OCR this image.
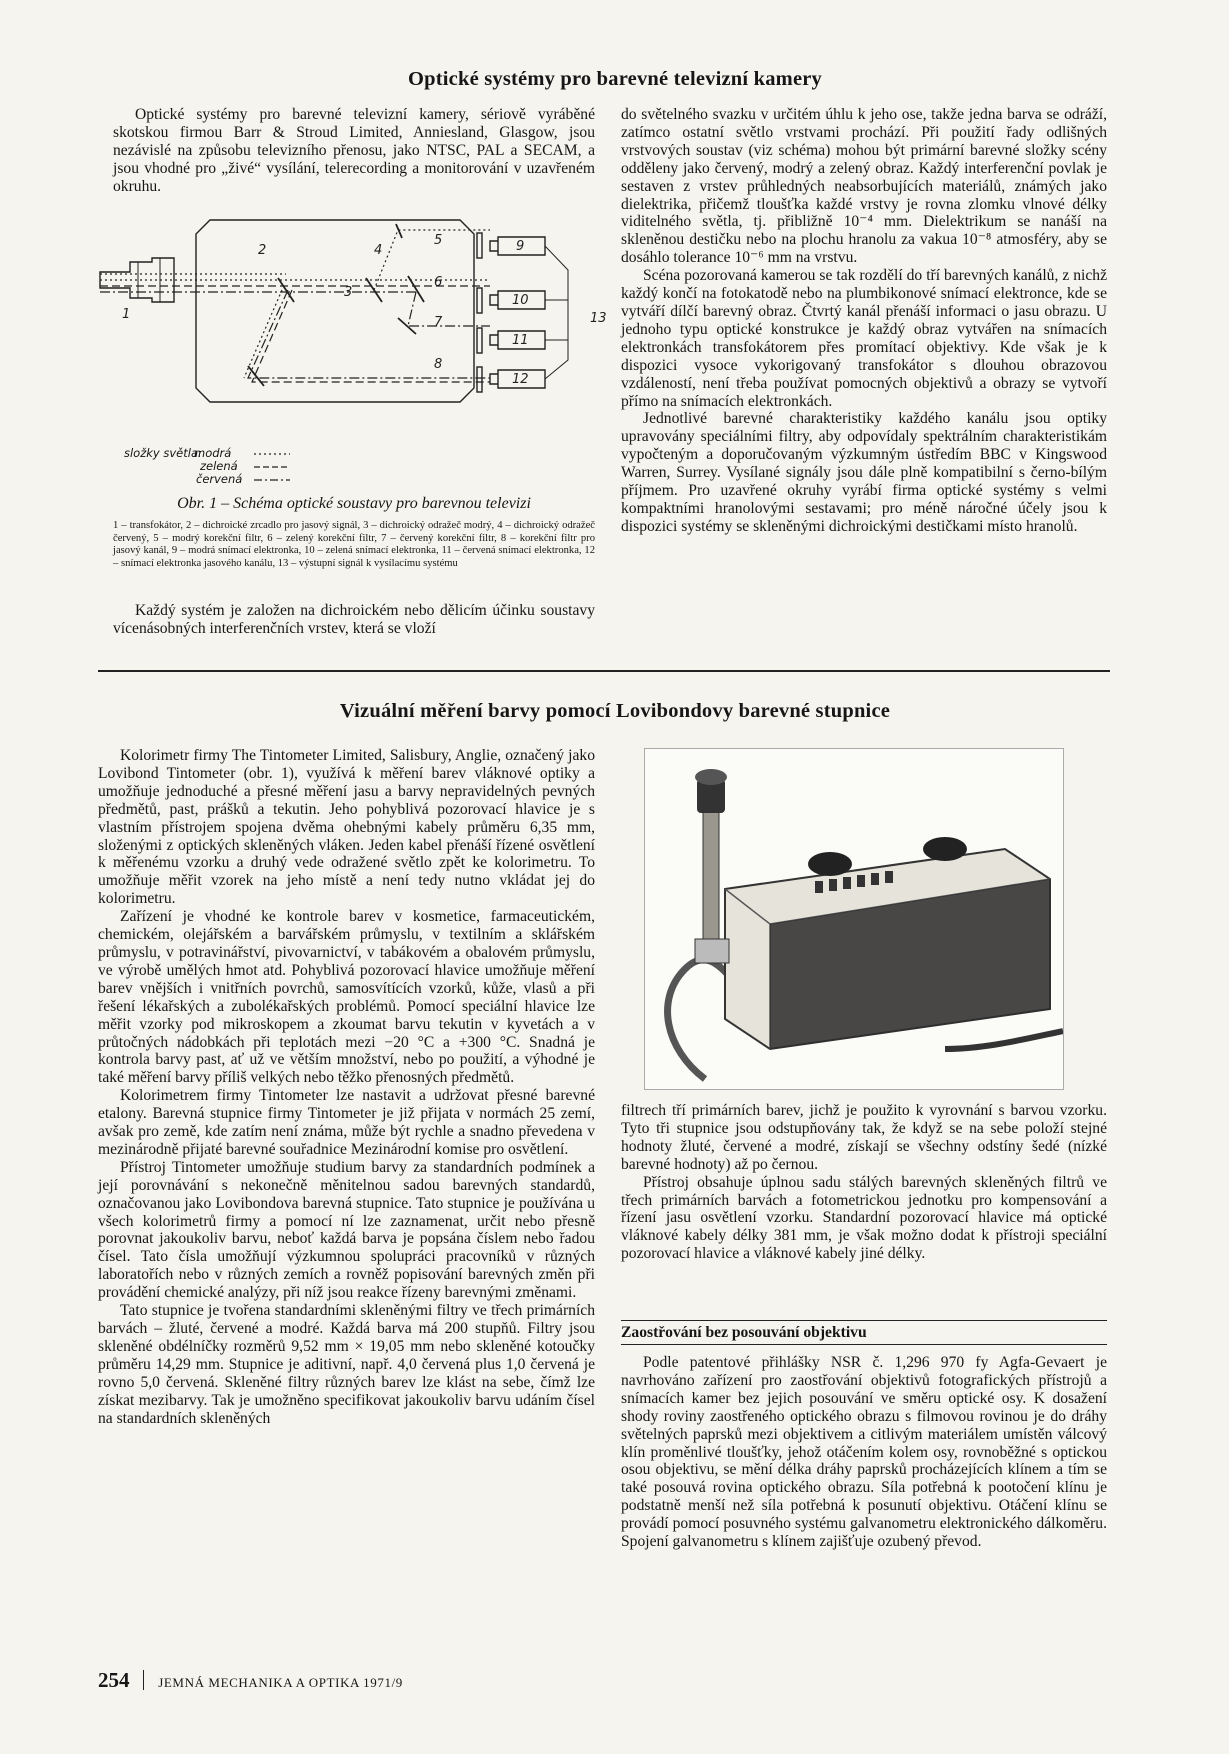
Optické systémy pro barevné televizní kamery

Optické systémy pro barevné televizní kamery, sériově vyráběné skotskou firmou Barr & Stroud Limited, Anniesland, Glasgow, jsou nezávislé na způsobu televizního přenosu, jako NTSC, PAL a SECAM, a jsou vhodné pro „živé“ vysílání, telerecording a monitorování v uzavřeném okruhu.

1
2
3
4
5
6
7
8
9
10
11
12
13
složky světla:
modrá
zelená
červená

Obr. 1 – Schéma optické soustavy pro barevnou televizi

1 – transfokátor, 2 – dichroické zrcadlo pro jasový signál, 3 – dichroický odražeč modrý, 4 – dichroický odražeč červený, 5 – modrý korekční filtr, 6 – zelený korekční filtr, 7 – červený korekční filtr, 8 – korekční filtr pro jasový kanál, 9 – modrá snímací elektronka, 10 – zelená snímací elektronka, 11 – červená snímací elektronka, 12 – snímací elektronka jasového kanálu, 13 – výstupní signál k vysílacímu systému

Každý systém je založen na dichroickém nebo dělicím účinku soustavy vícenásobných interferenčních vrstev, která se vloží

do světelného svazku v určitém úhlu k jeho ose, takže jedna barva se odráží, zatímco ostatní světlo vrstvami prochází. Při použití řady odlišných vrstvových soustav (viz schéma) mohou být primární barevné složky scény odděleny jako červený, modrý a zelený obraz. Každý interferenční povlak je sestaven z vrstev průhledných neabsorbujících materiálů, známých jako dielektrika, přičemž tloušťka každé vrstvy je rovna zlomku vlnové délky viditelného světla, tj. přibližně 10⁻⁴ mm. Dielektrikum se nanáší na skleněnou destičku nebo na plochu hranolu za vakua 10⁻⁸ atmosféry, aby se dosáhlo tolerance 10⁻⁶ mm na vrstvu.

Scéna pozorovaná kamerou se tak rozdělí do tří barevných kanálů, z nichž každý končí na fotokatodě nebo na plumbikonové snímací elektronce, kde se vytváří dílčí barevný obraz. Čtvrtý kanál přenáší informaci o jasu obrazu. U jednoho typu optické konstrukce je každý obraz vytvářen na snímacích elektronkách transfokátorem přes promítací objektivy. Kde však je k dispozici vysoce vykorigovaný transfokátor s dlouhou obrazovou vzdáleností, není třeba používat pomocných objektivů a obrazy se vytvoří přímo na snímacích elektronkách.

Jednotlivé barevné charakteristiky každého kanálu jsou optiky upravovány speciálními filtry, aby odpovídaly spektrálním charakteristikám vypočteným a doporučovaným výzkumným ústředím BBC v Kingswood Warren, Surrey. Vysílané signály jsou dále plně kompatibilní s černo-bílým příjmem. Pro uzavřené okruhy vyrábí firma optické systémy s velmi kompaktními hranolovými sestavami; pro méně náročné účely jsou k dispozici systémy se skleněnými dichroickými destičkami místo hranolů.

Vizuální měření barvy pomocí Lovibondovy barevné stupnice

Kolorimetr firmy The Tintometer Limited, Salisbury, Anglie, označený jako Lovibond Tintometer (obr. 1), využívá k měření barev vláknové optiky a umožňuje jednoduché a přesné měření jasu a barvy nepravidelných pevných předmětů, past, prášků a tekutin. Jeho pohyblivá pozorovací hlavice je s vlastním přístrojem spojena dvěma ohebnými kabely průměru 6,35 mm, složenými z optických skleněných vláken. Jeden kabel přenáší řízené osvětlení k měřenému vzorku a druhý vede odražené světlo zpět ke kolorimetru. To umožňuje měřit vzorek na jeho místě a není tedy nutno vkládat jej do kolorimetru.

Zařízení je vhodné ke kontrole barev v kosmetice, farmaceutickém, chemickém, olejářském a barvářském průmyslu, v textilním a sklářském průmyslu, v potravinářství, pivovarnictví, v tabákovém a obalovém průmyslu, ve výrobě umělých hmot atd. Pohyblivá pozorovací hlavice umožňuje měření barev vnějších i vnitřních povrchů, samosvítících vzorků, kůže, vlasů a při řešení lékařských a zubolékařských problémů. Pomocí speciální hlavice lze měřit vzorky pod mikroskopem a zkoumat barvu tekutin v kyvetách a v průtočných nádobkách při teplotách mezi −20 °C a +300 °C. Snadná je kontrola barvy past, ať už ve větším množství, nebo po použití, a výhodné je také měření barvy příliš velkých nebo těžko přenosných předmětů.

Kolorimetrem firmy Tintometer lze nastavit a udržovat přesné barevné etalony. Barevná stupnice firmy Tintometer je již přijata v normách 25 zemí, avšak pro země, kde zatím není známa, může být rychle a snadno převedena v mezinárodně přijaté barevné souřadnice Mezinárodní komise pro osvětlení.

Přístroj Tintometer umožňuje studium barvy za standardních podmínek a její porovnávání s nekonečně měnitelnou sadou barevných standardů, označovanou jako Lovibondova barevná stupnice. Tato stupnice je používána u všech kolorimetrů firmy a pomocí ní lze zaznamenat, určit nebo přesně porovnat jakoukoliv barvu, neboť každá barva je popsána číslem nebo řadou čísel. Tato čísla umožňují výzkumnou spolupráci pracovníků v různých laboratořích nebo v různých zemích a rovněž popisování barevných změn při provádění chemické analýzy, při níž jsou reakce řízeny barevnými změnami.

Tato stupnice je tvořena standardními skleněnými filtry ve třech primárních barvách – žluté, červené a modré. Každá barva má 200 stupňů. Filtry jsou skleněné obdélníčky rozměrů 9,52 mm × 19,05 mm nebo skleněné kotoučky průměru 14,29 mm. Stupnice je aditivní, např. 4,0 červená plus 1,0 červená je rovno 5,0 červená. Skleněné filtry různých barev lze klást na sebe, čímž lze získat mezibarvy. Tak je umožněno specifikovat jakoukoliv barvu udáním čísel na standardních skleněných

filtrech tří primárních barev, jichž je použito k vyrovnání s barvou vzorku. Tyto tři stupnice jsou odstupňovány tak, že když se na sebe položí stejné hodnoty žluté, červené a modré, získají se všechny odstíny šedé (nízké barevné hodnoty) až po černou.

Přístroj obsahuje úplnou sadu stálých barevných skleněných filtrů ve třech primárních barvách a fotometrickou jednotku pro kompensování a řízení jasu osvětlení vzorku. Standardní pozorovací hlavice má optické vláknové kabely délky 381 mm, je však možno dodat k přístroji speciální pozorovací hlavice a vláknové kabely jiné délky.

Zaostřování bez posouvání objektivu

Podle patentové přihlášky NSR č. 1,296 970 fy Agfa-Gevaert je navrhováno zařízení pro zaostřování objektivů fotografických přístrojů a snímacích kamer bez jejich posouvání ve směru optické osy. K dosažení shody roviny zaostřeného optického obrazu s filmovou rovinou je do dráhy světelných paprsků mezi objektivem a citlivým materiálem umístěn válcový klín proměnlivé tloušťky, jehož otáčením kolem osy, rovnoběžné s optickou osou objektivu, se mění délka dráhy paprsků procházejících klínem a tím se také posouvá rovina optického obrazu. Síla potřebná k pootočení klínu je podstatně menší než síla potřebná k posunutí objektivu. Otáčení klínu se provádí pomocí posuvného systému galvanometru elektronického dálkoměru. Spojení galvanometru s klínem zajišťuje ozubený převod.

254 JEMNÁ MECHANIKA A OPTIKA 1971/9
